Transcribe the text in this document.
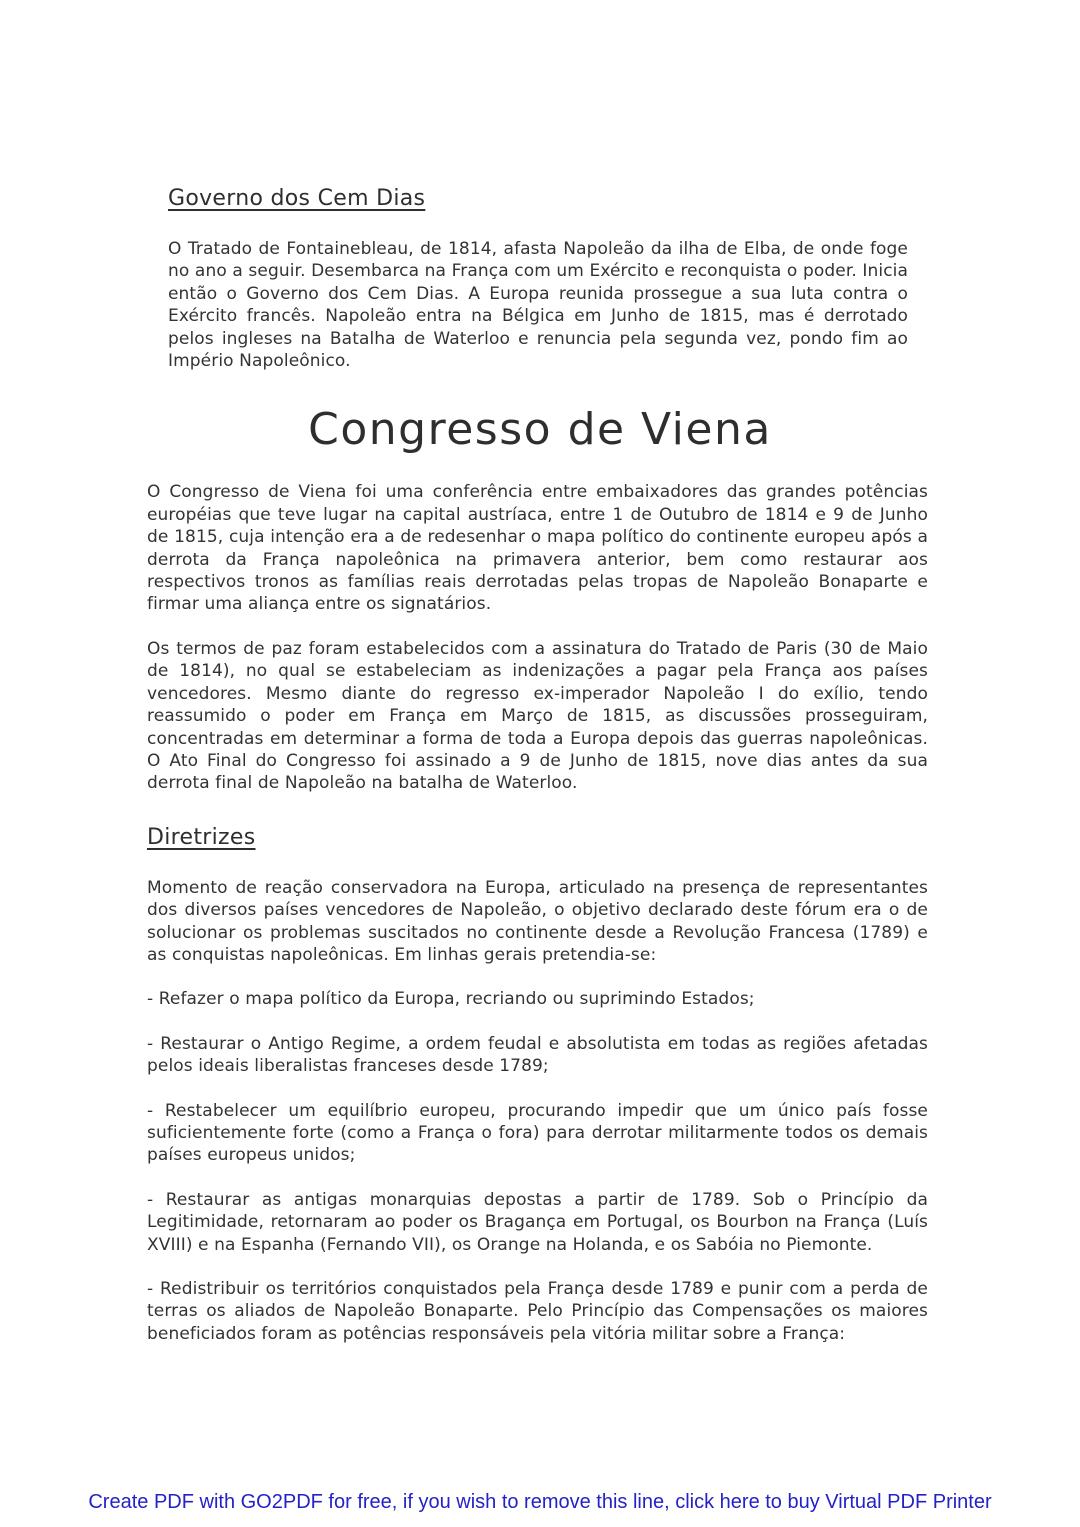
Governo dos Cem Dias

O Tratado de Fontainebleau, de 1814, afasta Napoleão da ilha de Elba, de onde foge no ano a seguir. Desembarca na França com um Exército e reconquista o poder. Inicia então o Governo dos Cem Dias. A Europa reunida prossegue a sua luta contra o Exército francês. Napoleão entra na Bélgica em Junho de 1815, mas é derrotado pelos ingleses na Batalha de Waterloo e renuncia pela segunda vez, pondo fim ao Império Napoleônico.

Congresso de Viena

O Congresso de Viena foi uma conferência entre embaixadores das grandes potências européias que teve lugar na capital austríaca, entre 1 de Outubro de 1814 e 9 de Junho de 1815, cuja intenção era a de redesenhar o mapa político do continente europeu após a derrota da França napoleônica na primavera anterior, bem como restaurar aos respectivos tronos as famílias reais derrotadas pelas tropas de Napoleão Bonaparte e firmar uma aliança entre os signatários.

Os termos de paz foram estabelecidos com a assinatura do Tratado de Paris (30 de Maio de 1814), no qual se estabeleciam as indenizações a pagar pela França aos países vencedores. Mesmo diante do regresso ex-imperador Napoleão I do exílio, tendo reassumido o poder em França em Março de 1815, as discussões prosseguiram, concentradas em determinar a forma de toda a Europa depois das guerras napoleônicas. O Ato Final do Congresso foi assinado a 9 de Junho de 1815, nove dias antes da sua derrota final de Napoleão na batalha de Waterloo.

Diretrizes

Momento de reação conservadora na Europa, articulado na presença de representantes dos diversos países vencedores de Napoleão, o objetivo declarado deste fórum era o de solucionar os problemas suscitados no continente desde a Revolução Francesa (1789) e as conquistas napoleônicas. Em linhas gerais pretendia-se:

- Refazer o mapa político da Europa, recriando ou suprimindo Estados;

- Restaurar o Antigo Regime, a ordem feudal e absolutista em todas as regiões afetadas pelos ideais liberalistas franceses desde 1789;

- Restabelecer um equilíbrio europeu, procurando impedir que um único país fosse suficientemente forte (como a França o fora) para derrotar militarmente todos os demais países europeus unidos;

- Restaurar as antigas monarquias depostas a partir de 1789. Sob o Princípio da Legitimidade, retornaram ao poder os Bragança em Portugal, os Bourbon na França (Luís XVIII) e na Espanha (Fernando VII), os Orange na Holanda, e os Sabóia no Piemonte.

- Redistribuir os territórios conquistados pela França desde 1789 e punir com a perda de terras os aliados de Napoleão Bonaparte. Pelo Princípio das Compensações os maiores beneficiados foram as potências responsáveis pela vitória militar sobre a França:

Create PDF with GO2PDF for free, if you wish to remove this line, click here to buy Virtual PDF Printer
